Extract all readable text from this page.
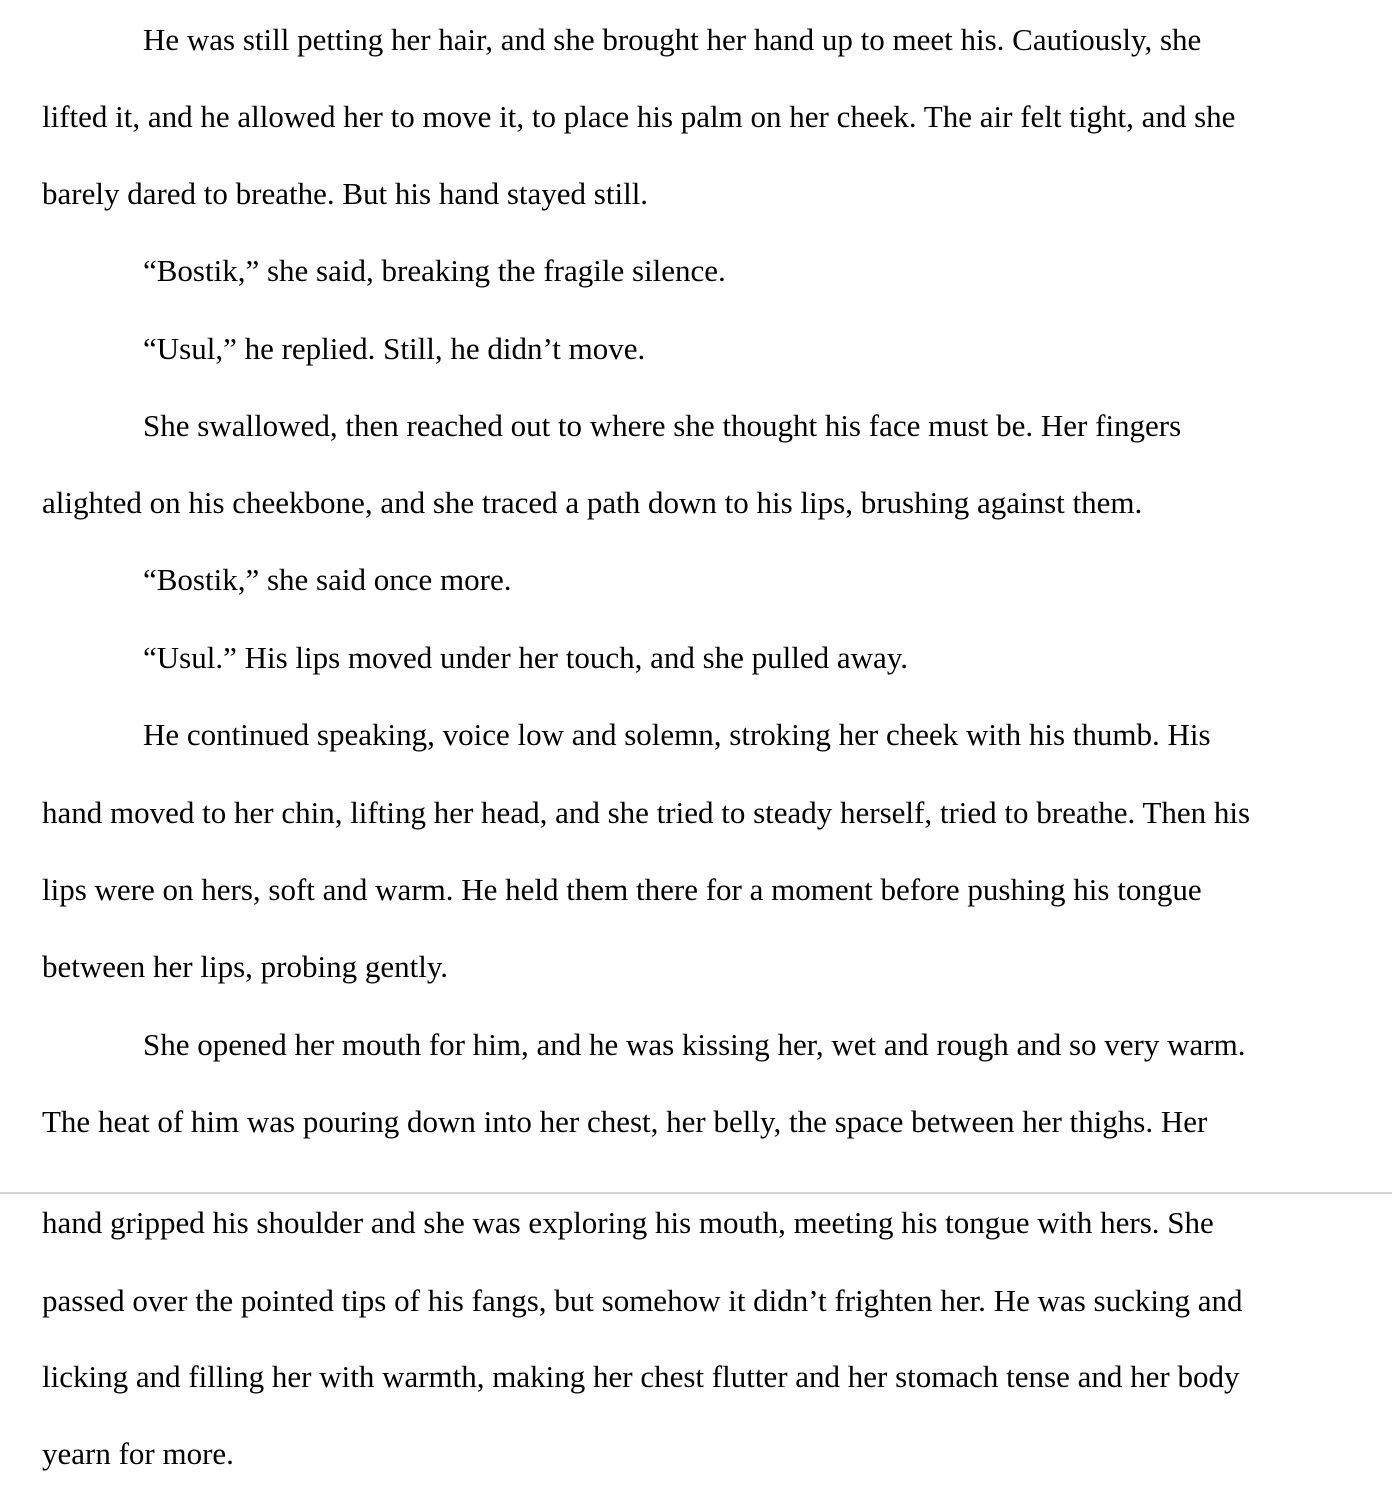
He was still petting her hair, and she brought her hand up to meet his. Cautiously, she
lifted it, and he allowed her to move it, to place his palm on her cheek. The air felt tight, and she
barely dared to breathe. But his hand stayed still.
“Bostik,” she said, breaking the fragile silence.
“Usul,” he replied. Still, he didn’t move.
She swallowed, then reached out to where she thought his face must be. Her fingers
alighted on his cheekbone, and she traced a path down to his lips, brushing against them.
“Bostik,” she said once more.
“Usul.” His lips moved under her touch, and she pulled away.
He continued speaking, voice low and solemn, stroking her cheek with his thumb. His
hand moved to her chin, lifting her head, and she tried to steady herself, tried to breathe. Then his
lips were on hers, soft and warm. He held them there for a moment before pushing his tongue
between her lips, probing gently.
She opened her mouth for him, and he was kissing her, wet and rough and so very warm.
The heat of him was pouring down into her chest, her belly, the space between her thighs. Her
hand gripped his shoulder and she was exploring his mouth, meeting his tongue with hers. She
passed over the pointed tips of his fangs, but somehow it didn’t frighten her. He was sucking and
licking and filling her with warmth, making her chest flutter and her stomach tense and her body
yearn for more.
